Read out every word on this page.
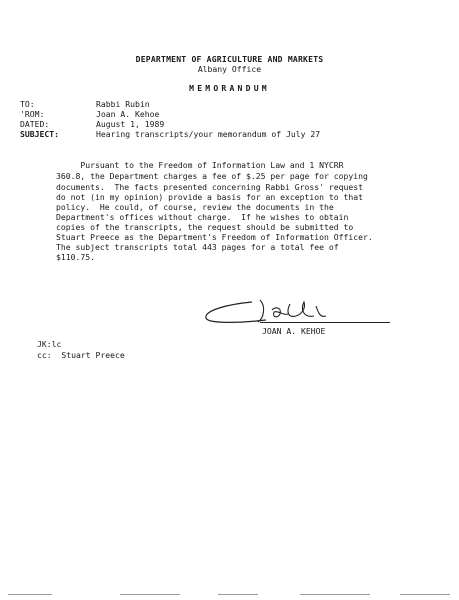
DEPARTMENT OF AGRICULTURE AND MARKETS
Albany Office
MEMORANDUM
TO:	Rabbi Rubin
'ROM:	Joan A. Kehoe
DATED:	August 1, 1989
SUBJECT:	Hearing transcripts/your memorandum of July 27
Pursuant to the Freedom of Information Law and 1 NYCRR
360.8, the Department charges a fee of $.25 per page for copying
documents.  The facts presented concerning Rabbi Gross' request
do not (in my opinion) provide a basis for an exception to that
policy.  He could, of course, review the documents in the
Department's offices without charge.  If he wishes to obtain
copies of the transcripts, the request should be submitted to
Stuart Preece as the Department's Freedom of Information Officer.
The subject transcripts total 443 pages for a total fee of
$110.75.
JOAN A. KEHOE
JK:lc
cc:  Stuart Preece
